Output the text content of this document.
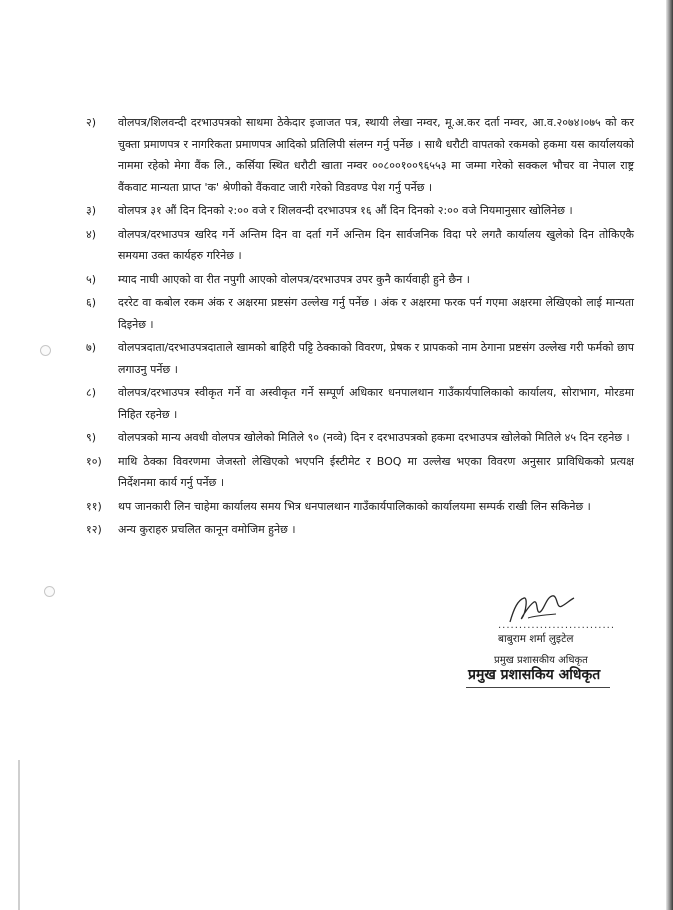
२) वोलपत्र/शिलवन्दी दरभाउपत्रको साथमा ठेकेदार इजाजत पत्र, स्थायी लेखा नम्वर, मू.अ.कर दर्ता नम्वर, आ.व.२०७४।०७५ को कर चुक्ता प्रमाणपत्र र नागरिकता प्रमाणपत्र आदिको प्रतिलिपी संलग्न गर्नु पर्नेछ । साथै धरौटी वापतको रकमको हकमा यस कार्यालयको नाममा रहेको मेगा वैंक लि., कर्सिया स्थित धरौटी खाता नम्वर ००८००१००९६५५३ मा जम्मा गरेको सक्कल भौचर वा नेपाल राष्ट्र वैंकवाट मान्यता प्राप्त 'क' श्रेणीको वैंकवाट जारी गरेको विडवण्ड पेश गर्नु पर्नेछ ।
३) वोलपत्र ३१ औं दिन दिनको २:०० वजे र शिलवन्दी दरभाउपत्र १६ औं दिन दिनको २:०० वजे नियमानुसार खोलिनेछ ।
४) वोलपत्र/दरभाउपत्र खरिद गर्ने अन्तिम दिन वा दर्ता गर्ने अन्तिम दिन सार्वजनिक विदा परे लगतै कार्यालय खुलेको दिन तोकिएकै समयमा उक्त कार्यहरु गरिनेछ ।
५) म्याद नाघी आएको वा रीत नपुगी आएको वोलपत्र/दरभाउपत्र उपर कुनै कार्यवाही हुने छैन ।
६) दररेट वा कबोल रकम अंक र अक्षरमा प्रष्टसंग उल्लेख गर्नु पर्नेछ । अंक र अक्षरमा फरक पर्न गएमा अक्षरमा लेखिएको लाई मान्यता दिइनेछ ।
७) वोलपत्रदाता/दरभाउपत्रदाताले खामको बाहिरी पट्टि ठेक्काको विवरण, प्रेषक र प्रापकको नाम ठेगाना प्रष्टसंग उल्लेख गरी फर्मको छाप लगाउनु पर्नेछ ।
८) वोलपत्र/दरभाउपत्र स्वीकृत गर्ने वा अस्वीकृत गर्ने सम्पूर्ण अधिकार धनपालथान गाउँकार्यपालिकाको कार्यालय, सोराभाग, मोरडमा निहित रहनेछ ।
९) वोलपत्रको मान्य अवधी वोलपत्र खोलेको मितिले ९० (नव्वे) दिन र दरभाउपत्रको हकमा दरभाउपत्र खोलेको मितिले ४५ दिन रहनेछ ।
१०) माथि ठेक्का विवरणमा जेजस्तो लेखिएको भएपनि ईस्टीमेट र BOQ मा उल्लेख भएका विवरण अनुसार प्राविधिकको प्रत्यक्ष निर्देशनमा कार्य गर्नु पर्नेछ ।
११) थप जानकारी लिन चाहेमा कार्यालय समय भित्र धनपालथान गाउँकार्यपालिकाको कार्यालयमा सम्पर्क राखी लिन सकिनेछ ।
१२) अन्य कुराहरु प्रचलित कानून वमोजिम हुनेछ ।
............................
बाबुराम शर्मा लुइटेल
प्रमुख प्रशासकीय अधिकृत
प्रमुख प्रशासकिय अधिकृत
